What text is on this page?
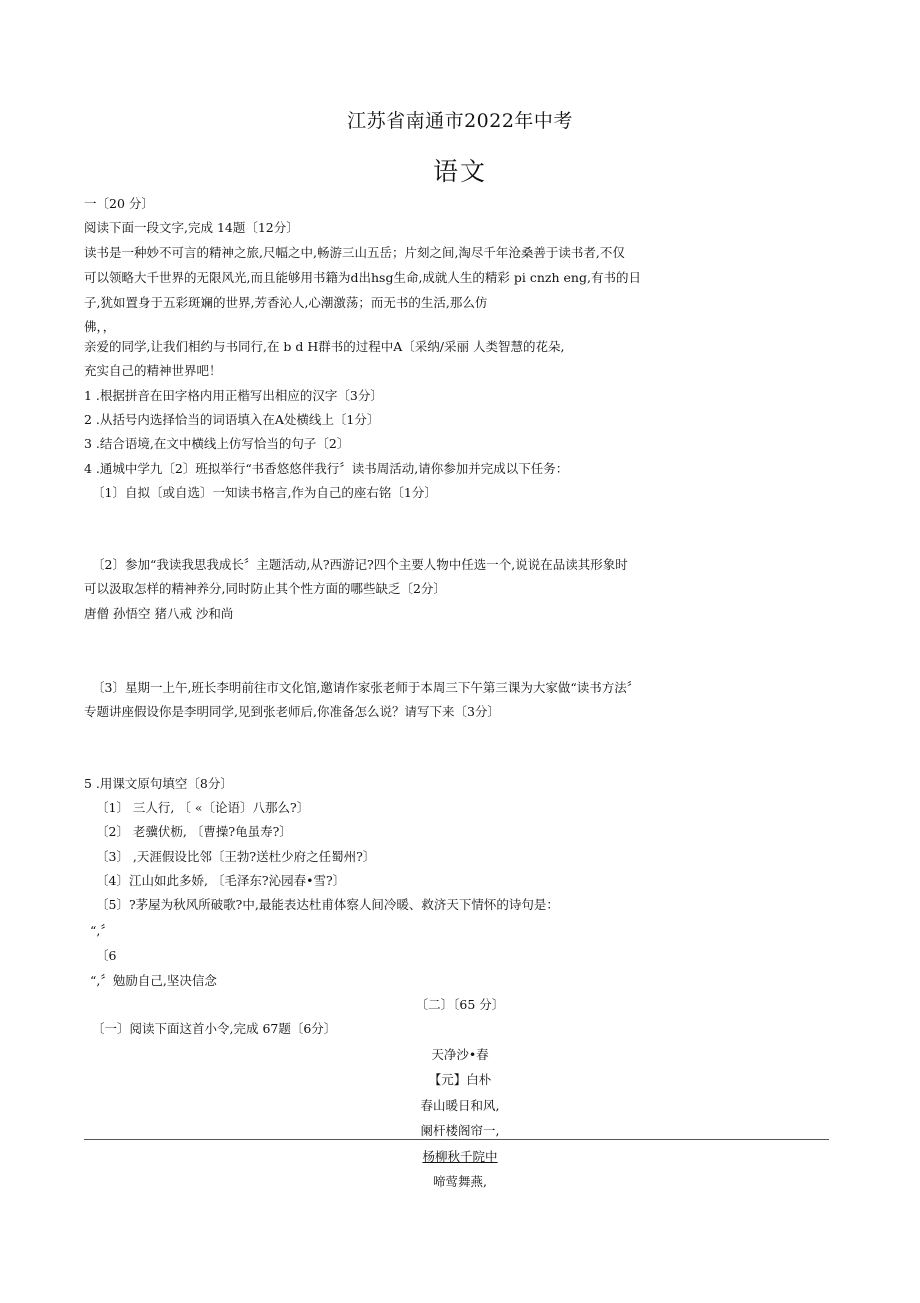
江苏省南通市2022年中考
语文
一〔20 分〕
阅读下面一段文字,完成 14题〔12分〕
读书是一种妙不可言的精神之旅,尺幅之中,畅游三山五岳；片刻之间,淘尽千年沧桑善于读书者,不仅
可以领略大千世界的无限风光,而且能够用书籍为d出hsg生命,成就人生的精彩 pi cnzh eng,有书的日
子,犹如置身于五彩斑斓的世界,芳香沁人,心潮激荡；而无书的生活,那么仿
佛，，
亲爱的同学,让我们相约与书同行,在 b d H群书的过程中A〔采纳/采丽 人类智慧的花朵,
充实自己的精神世界吧！
1 .根据拼音在田字格内用正楷写出相应的汉字〔3分〕
2 .从括号内选择恰当的词语填入在A处横线上〔1分〕
3 .结合语境,在文中横线上仿写恰当的句子〔2〕
4 .通城中学九〔2〕班拟举行“书香悠悠伴我行〞读书周活动,请你参加并完成以下任务：
〔1〕自拟〔或自选〕一知读书格言,作为自己的座右铭〔1分〕
〔2〕参加“我读我思我成长〞主题活动,从?西游记?四个主要人物中任选一个,说说在品读其形象时
可以汲取怎样的精神养分,同时防止其个性方面的哪些缺乏〔2分〕
唐僧 孙悟空 猪八戒 沙和尚
〔3〕星期一上午,班长李明前往市文化馆,邀请作家张老师于本周三下午第三课为大家做“读书方法〞
专题讲座假设你是李明同学,见到张老师后,你准备怎么说？请写下来〔3分〕
5 .用课文原句填空〔8分〕
〔1〕 三人行, 〔 «〔论语〕八那么?〕
〔2〕 老骥伏枥, 〔曹操?龟虽寿?〕
〔3〕 ,天涯假设比邻〔王勃?送杜少府之任蜀州?〕
〔4〕江山如此多娇, 〔毛泽东?沁园春•雪?〕
〔5〕?茅屋为秋风所破歌?中,最能表达杜甫体察人间冷暖、救济天下情怀的诗句是：
“,〞
〔6
“,〞勉励自己,坚决信念
〔二〕〔65 分〕
〔一〕阅读下面这首小令,完成 67题〔6分〕
天净沙•春
【元】白朴
春山暖日和风,
阑杆楼阁帘一,
杨柳秋千院中
啼莺舞燕,
